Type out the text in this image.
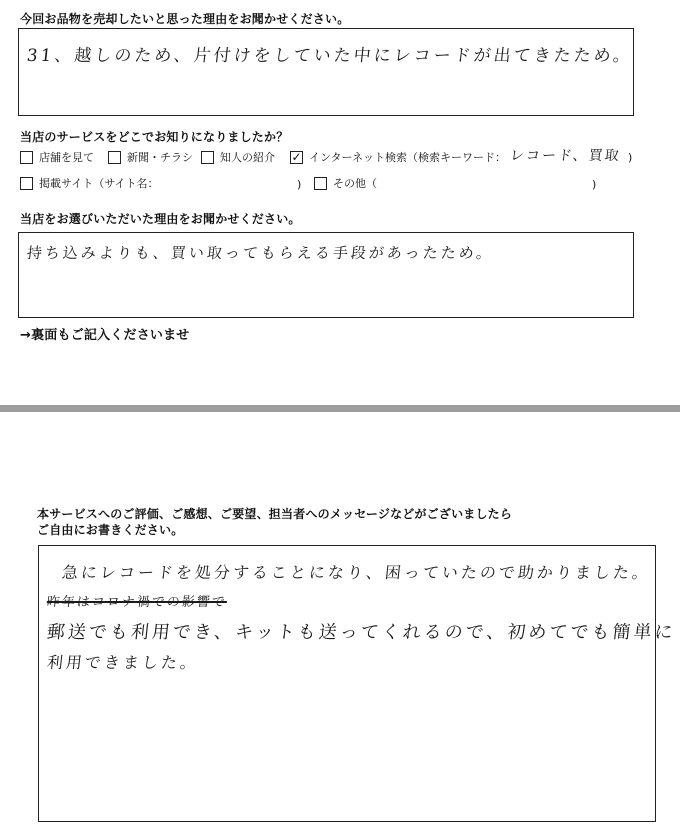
今回お品物を売却したいと思った理由をお聞かせください。
31、越しのため、片付けをしていた中にレコードが出てきたため。
当店のサービスをどこでお知りになりましたか？
店舗を見て	新聞・チラシ 知人の紹介 ✓ インターネット検索（検索キーワード： レコード、買取 )
掲載サイト（サイト名：	)	その他（	)
当店をお選びいただいた理由をお聞かせください。
持ち込みよりも、買い取ってもらえる手段があったため。
→裏面もご記入くださいませ
本サービスへのご評価、ご感想、ご要望、担当者へのメッセージなどがございましたら
ご自由にお書きください。
急にレコードを処分することになり、困っていたので助かりました。
昨年はコロナ禍での影響で
郵送でも利用でき、キットも送ってくれるので、初めてでも簡単に
利用できました。
